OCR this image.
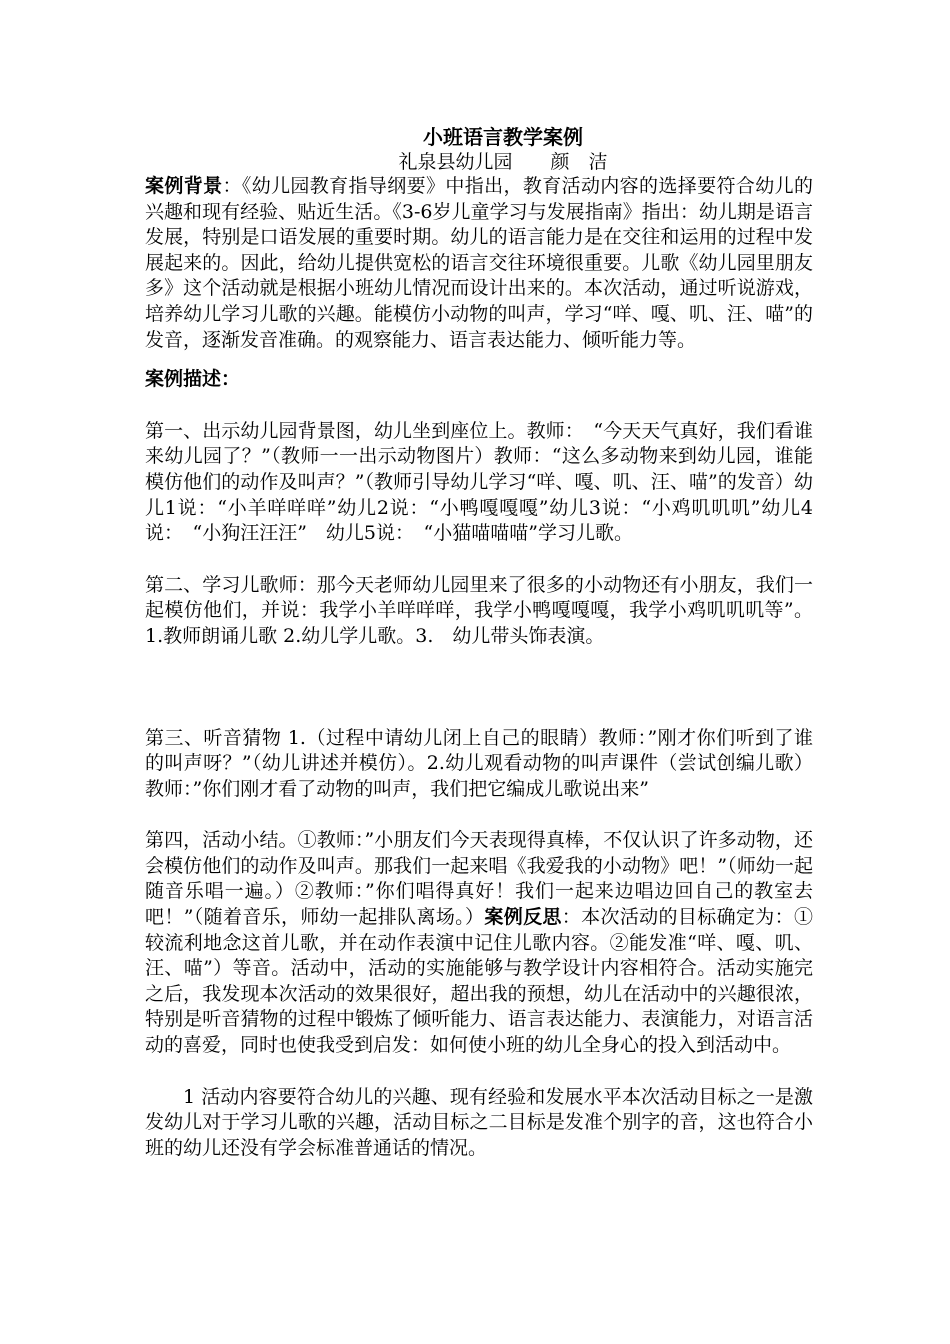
小班语言教学案例

礼泉县幼儿园　　颜　洁

案例背景：《幼儿园教育指导纲要》中指出，教育活动内容的选择要符合幼儿的兴趣和现有经验、贴近生活。《3-6岁儿童学习与发展指南》指出：幼儿期是语言发展，特别是口语发展的重要时期。幼儿的语言能力是在交往和运用的过程中发展起来的。因此，给幼儿提供宽松的语言交往环境很重要。儿歌《幼儿园里朋友多》这个活动就是根据小班幼儿情况而设计出来的。本次活动，通过听说游戏，培养幼儿学习儿歌的兴趣。能模仿小动物的叫声，学习“咩、嘎、叽、汪、喵”的发音，逐渐发音准确。的观察能力、语言表达能力、倾听能力等。

案例描述：

第一、出示幼儿园背景图，幼儿坐到座位上。教师：　“今天天气真好，我们看谁来幼儿园了？”（教师一一出示动物图片）教师：“这么多动物来到幼儿园，谁能模仿他们的动作及叫声？”（教师引导幼儿学习“咩、嘎、叽、汪、喵”的发音）幼儿1说：“小羊咩咩咩”幼儿2说：“小鸭嘎嘎嘎”幼儿3说：“小鸡叽叽叽”幼儿4说：　“小狗汪汪汪”　幼儿5说：　“小猫喵喵喵”学习儿歌。

第二、学习儿歌师：那今天老师幼儿园里来了很多的小动物还有小朋友，我们一起模仿他们，并说：我学小羊咩咩咩，我学小鸭嘎嘎嘎，我学小鸡叽叽叽等”。1.教师朗诵儿歌 2.幼儿学儿歌。3.　幼儿带头饰表演。

第三、听音猜物 1.（过程中请幼儿闭上自己的眼睛）教师：”刚才你们听到了谁的叫声呀？”（幼儿讲述并模仿）。2.幼儿观看动物的叫声课件（尝试创编儿歌）教师：”你们刚才看了动物的叫声，我们把它编成儿歌说出来”

第四，活动小结。①教师：”小朋友们今天表现得真棒，不仅认识了许多动物，还会模仿他们的动作及叫声。那我们一起来唱《我爱我的小动物》吧！”（师幼一起随音乐唱一遍。）②教师：”你们唱得真好！我们一起来边唱边回自己的教室去吧！”（随着音乐，师幼一起排队离场。）案例反思：本次活动的目标确定为：①较流利地念这首儿歌，并在动作表演中记住儿歌内容。②能发准“咩、嘎、叽、汪、喵”）等音。活动中，活动的实施能够与教学设计内容相符合。活动实施完之后，我发现本次活动的效果很好，超出我的预想，幼儿在活动中的兴趣很浓，特别是听音猜物的过程中锻炼了倾听能力、语言表达能力、表演能力，对语言活动的喜爱，同时也使我受到启发：如何使小班的幼儿全身心的投入到活动中。

1 活动内容要符合幼儿的兴趣、现有经验和发展水平本次活动目标之一是激发幼儿对于学习儿歌的兴趣，活动目标之二目标是发准个别字的音，这也符合小班的幼儿还没有学会标准普通话的情况。
